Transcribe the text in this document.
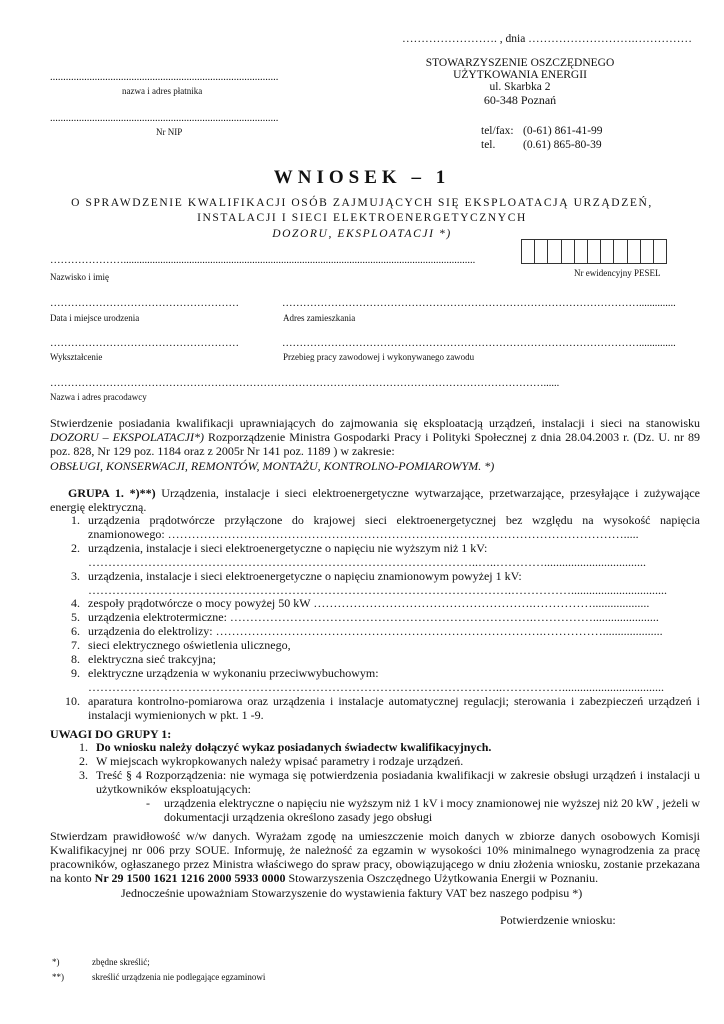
……………………. , dnia ……………………….……………
STOWARZYSZENIE OSZCZĘDNEGO
UŻYTKOWANIA ENERGII
ul. Skarbka 2
60-348 Poznań
tel/fax: (0-61) 861-41-99
tel. (0.61) 865-80-39
.......................................................................................
nazwa i adres płatnika
.......................................................................................
Nr NIP
WNIOSEK – 1
O SPRAWDZENIE KWALIFIKACJI OSÓB ZAJMUJĄCYCH SIĘ EKSPLOATACJĄ URZĄDZEŃ,
INSTALACJI I SIECI ELEKTROENERGETYCZNYCH
DOZORU, EKSPLOATACJI *)
…………………......................................................................................................................................
Nazwisko i imię	Nr ewidencyjny PESEL
………………………………………………	…………………………………………………………………………………………..............
Data i miejsce urodzenia	Adres zamieszkania
………………………………………………	…………………………………………………………………………………………..............
Wykształcenie	Przebieg pracy zawodowej i wykonywanego zawodu
……………………………………………………………………………………………………………………………......
Nazwa i adres pracodawcy
Stwierdzenie posiadania kwalifikacji uprawniających do zajmowania się eksploatacją urządzeń, instalacji i sieci na stanowisku DOZORU – EKSPOLATACJI*) Rozporządzenie Ministra Gospodarki Pracy i Polityki Społecznej z dnia 28.04.2003 r. (Dz. U. nr 89 poz. 828, Nr 129 poz. 1184 oraz z 2005r Nr 141 poz. 1189 ) w zakresie:
OBSŁUGI, KONSERWACJI, REMONTÓW, MONTAŻU, KONTROLNO-POMIAROWYM. *)
GRUPA 1. *)**) Urządzenia, instalacje i sieci elektroenergetyczne wytwarzające, przetwarzające, przesyłające i zużywające energię elektryczną.
1. urządzenia prądotwórcze przyłączone do krajowej sieci elektroenergetycznej bez względu na wysokość napięcia znamionowego: …………………………………………………………………………………………………….....
2. urządzenia, instalacje i sieci elektroenergetyczne o napięciu nie wyższym niż 1 kV:
……………………………………………………………………………………..…..…………..................................
3. urządzenia, instalacje i sieci elektroenergetyczne o napięciu znamionowym powyżej 1 kV:
…………………………………………………………………………………………….……………................................
4. zespoły prądotwórcze o mocy powyżej 50 kW ……………………………………………….……………...................
5. urządzenia elektrotermiczne: ………………………………………………………………….……………......................
6. urządzenia do elektrolizy: ……………………………………………………………………….……………....................
7. sieci elektrycznego oświetlenia ulicznego,
8. elektryczna sieć trakcyjna;
9. elektryczne urządzenia w wykonaniu przeciwwybuchowym:
…………………………………………………………………………………………..……………..................................
10. aparatura kontrolno-pomiarowa oraz urządzenia i instalacje automatycznej regulacji; sterowania i zabezpieczeń urządzeń i instalacji wymienionych w pkt. 1 -9.
UWAGI DO GRUPY 1:
1. Do wniosku należy dołączyć wykaz posiadanych świadectw kwalifikacyjnych.
2. W miejscach wykropkowanych należy wpisać parametry i rodzaje urządzeń.
3. Treść § 4 Rozporządzenia: nie wymaga się potwierdzenia posiadania kwalifikacji w zakresie obsługi urządzeń i instalacji u użytkowników eksploatujących:
-	urządzenia elektryczne o napięciu nie wyższym niż 1 kV i mocy znamionowej nie wyższej niż 20 kW , jeżeli w dokumentacji urządzenia określono zasady jego obsługi
Stwierdzam prawidłowość w/w danych. Wyrażam zgodę na umieszczenie moich danych w zbiorze danych osobowych Komisji Kwalifikacyjnej nr 006 przy SOUE. Informuję, że należność za egzamin w wysokości 10% minimalnego wynagrodzenia za pracę pracowników, ogłaszanego przez Ministra właściwego do spraw pracy, obowiązującego w dniu złożenia wniosku, zostanie przekazana na konto Nr 29 1500 1621 1216 2000 5933 0000 Stowarzyszenia Oszczędnego Użytkowania Energii w Poznaniu.
Jednocześnie upoważniam Stowarzyszenie do wystawienia faktury VAT bez naszego podpisu *)
Potwierdzenie wniosku:
*)	zbędne skreślić;
**)	skreślić urządzenia nie podlegające egzaminowi
